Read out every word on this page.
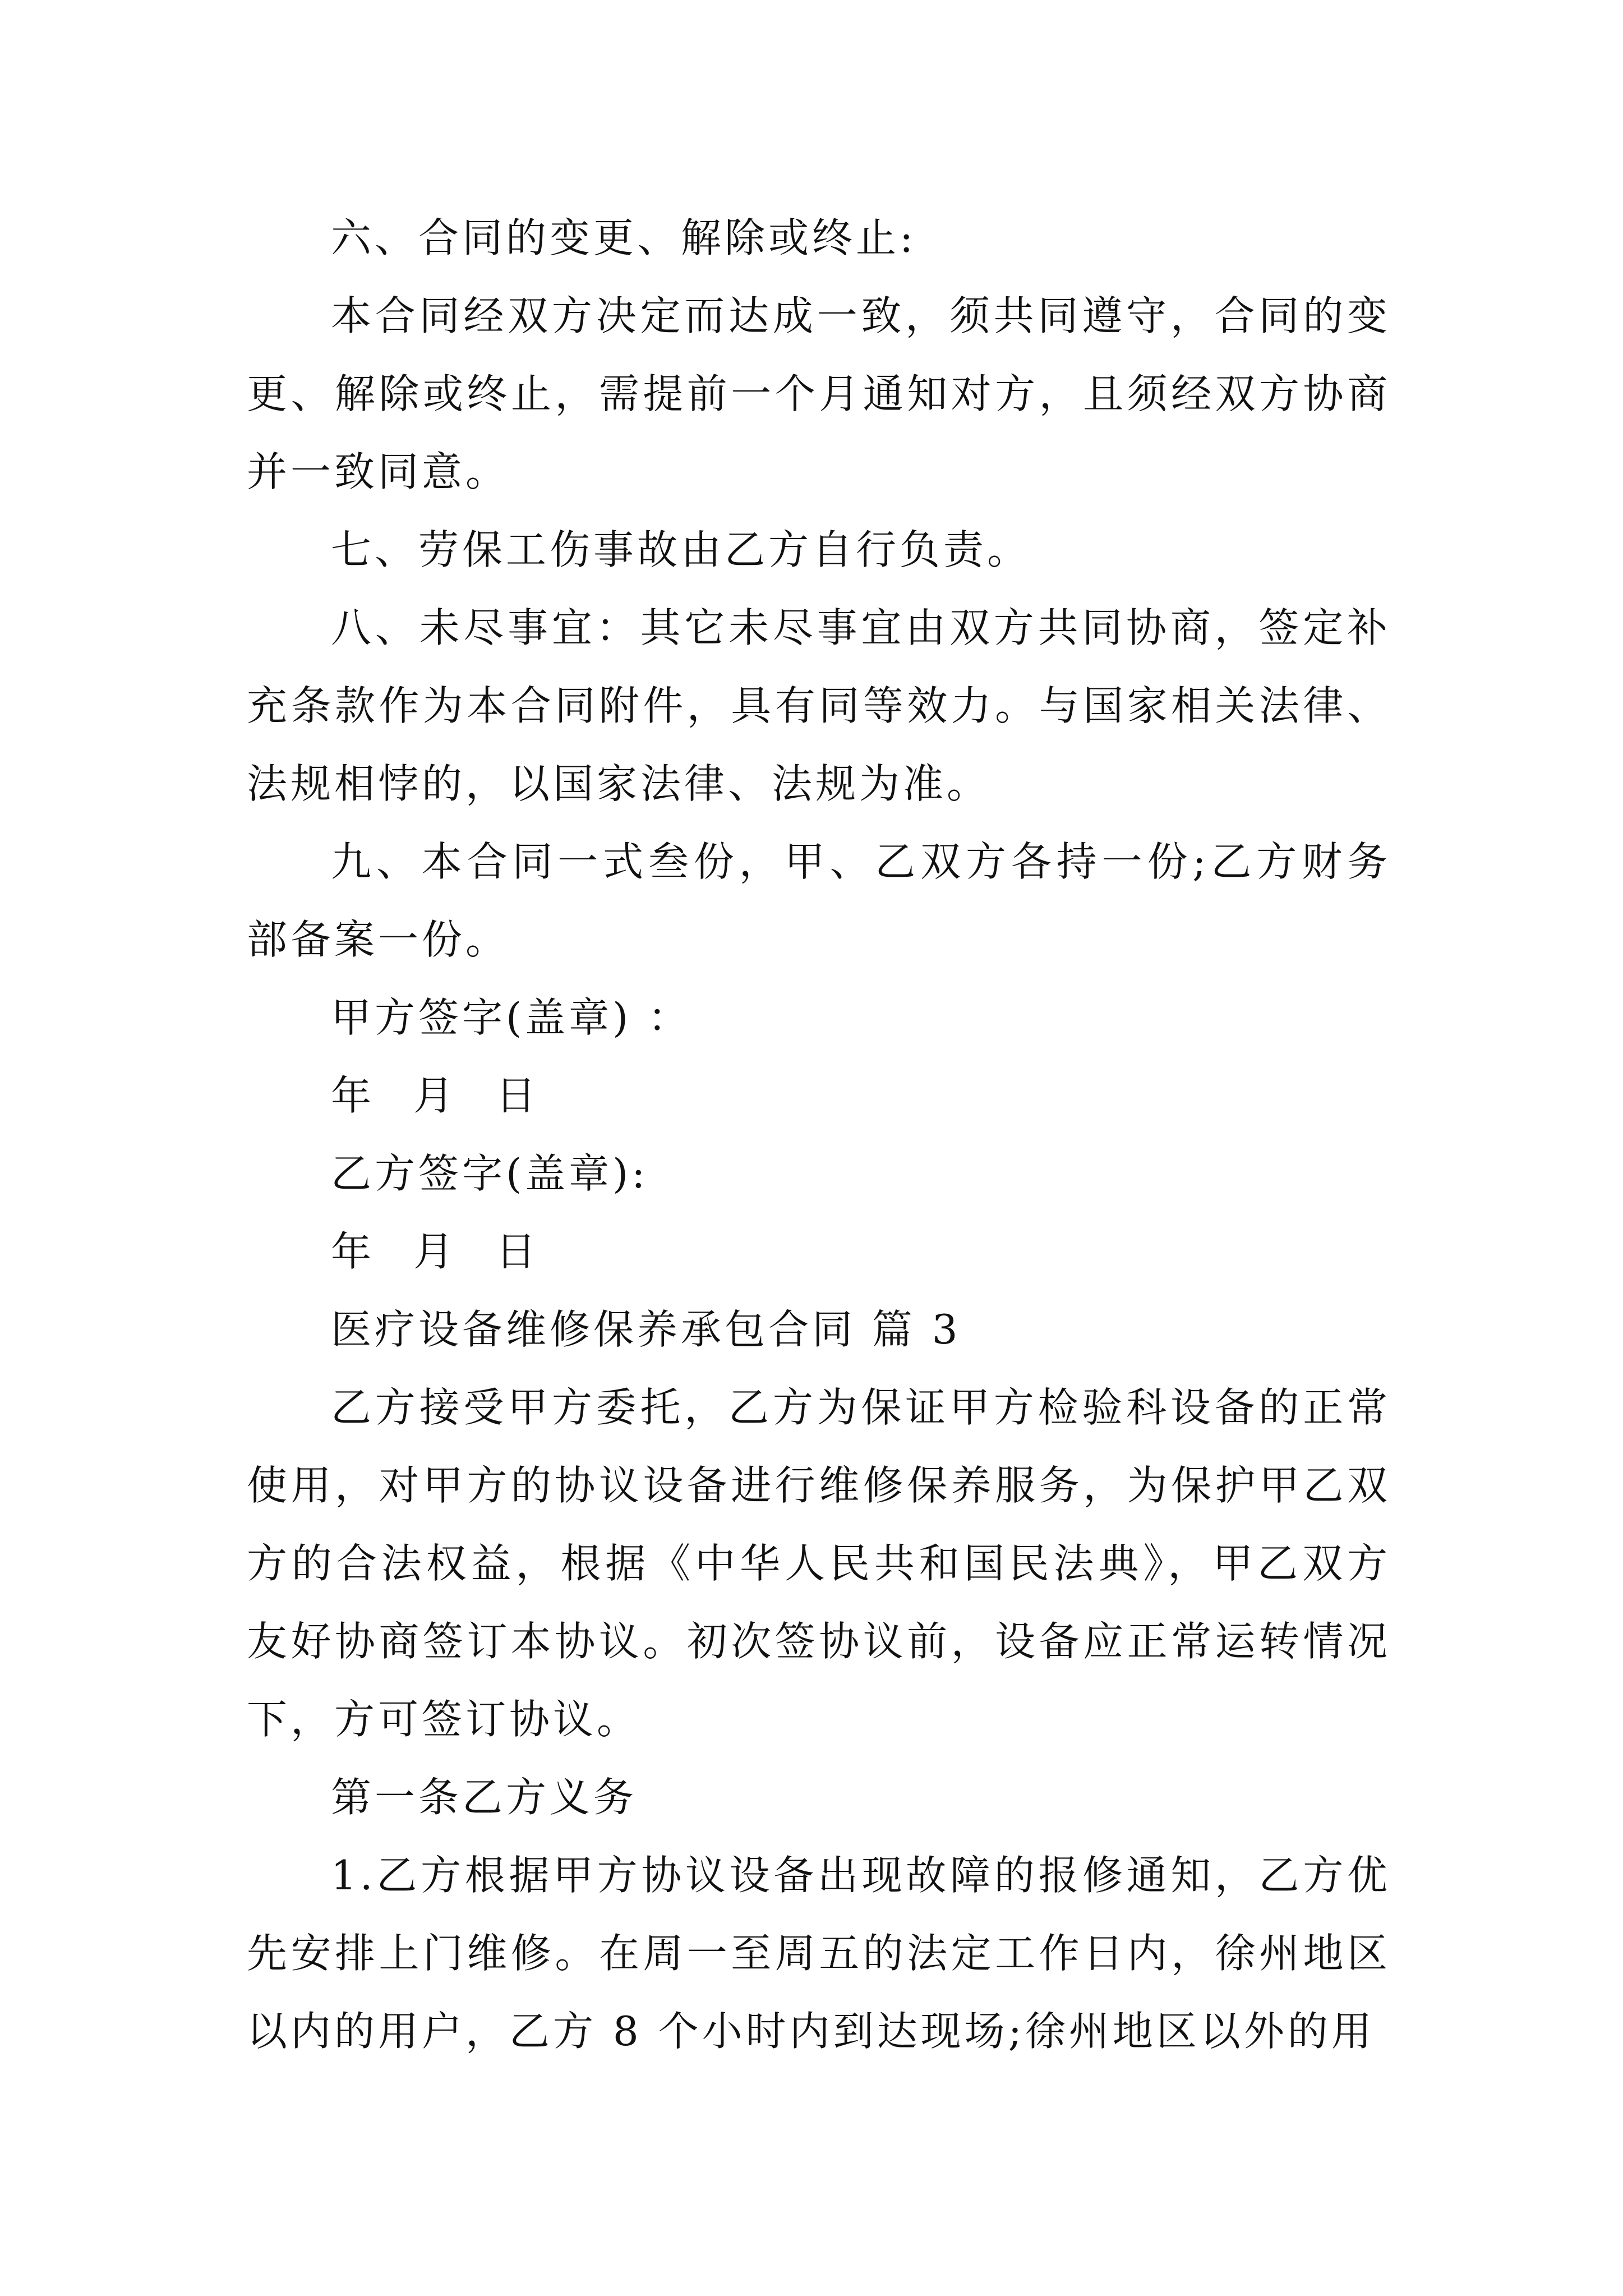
六、合同的变更、解除或终止:

本合同经双方决定而达成一致，须共同遵守，合同的变更、解除或终止，需提前一个月通知对方，且须经双方协商并一致同意。

七、劳保工伤事故由乙方自行负责。

八、未尽事宜：其它未尽事宜由双方共同协商，签定补充条款作为本合同附件，具有同等效力。与国家相关法律、法规相悖的，以国家法律、法规为准。

九、本合同一式叁份，甲、乙双方各持一份;乙方财务部备案一份。

甲方签字(盖章) ：

年 月 日

乙方签字(盖章):

年 月 日

医疗设备维修保养承包合同 篇 3

乙方接受甲方委托，乙方为保证甲方检验科设备的正常使用，对甲方的协议设备进行维修保养服务，为保护甲乙双方的合法权益，根据《中华人民共和国民法典》，甲乙双方友好协商签订本协议。初次签协议前，设备应正常运转情况下，方可签订协议。

第一条乙方义务

1.乙方根据甲方协议设备出现故障的报修通知，乙方优先安排上门维修。在周一至周五的法定工作日内，徐州地区以内的用户，乙方 8 个小时内到达现场;徐州地区以外的用
